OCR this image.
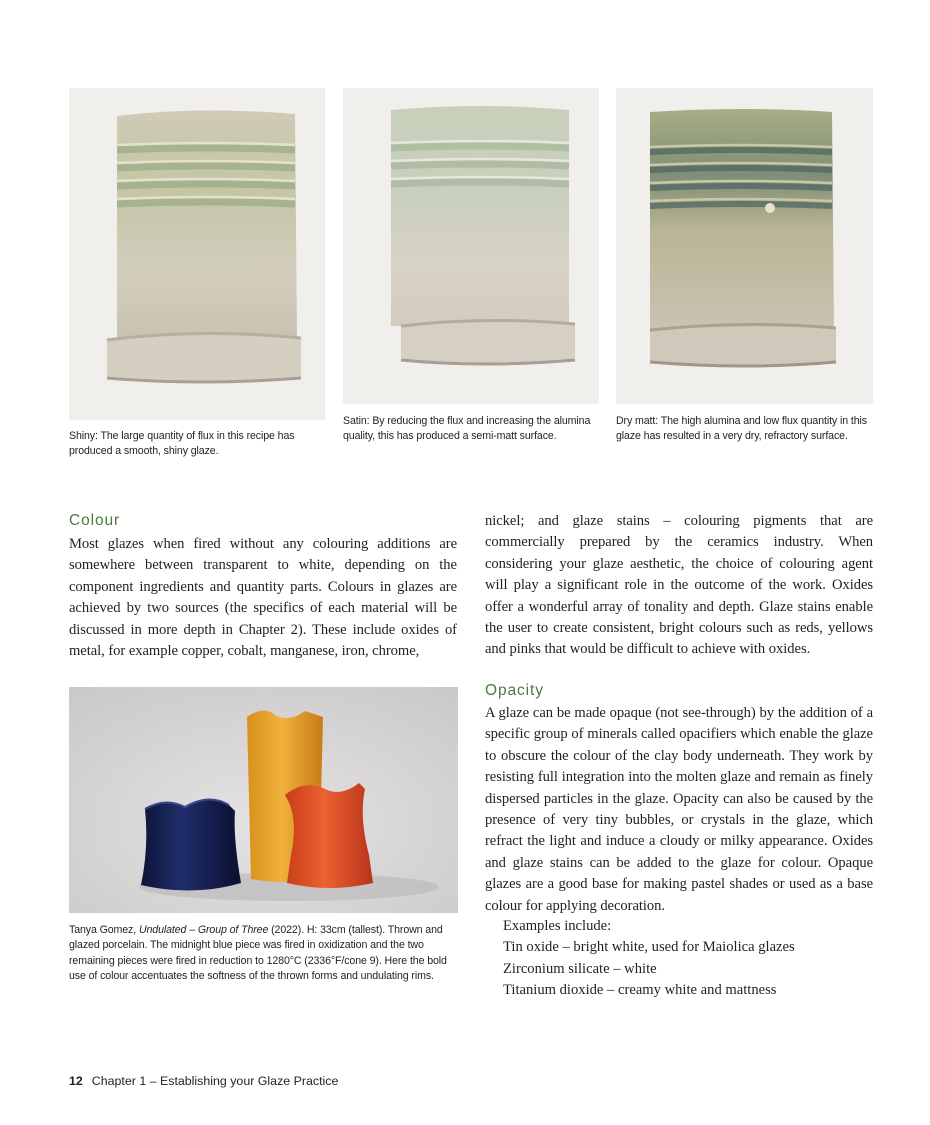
Shiny: The large quantity of flux in this recipe has produced a smooth, shiny glaze.
Satin: By reducing the flux and increasing the alumina quality, this has produced a semi-matt surface.
Dry matt: The high alumina and low flux quantity in this glaze has resulted in a very dry, refractory surface.
Colour

Most glazes when fired without any colouring additions are somewhere between transparent to white, depending on the component ingredients and quantity parts. Colours in glazes are achieved by two sources (the specifics of each material will be discussed in more depth in Chapter 2). These include oxides of metal, for example copper, cobalt, manganese, iron, chrome,

nickel; and glaze stains – colouring pigments that are commercially prepared by the ceramics industry. When considering your glaze aesthetic, the choice of colouring agent will play a significant role in the outcome of the work. Oxides offer a wonderful array of tonality and depth. Glaze stains enable the user to create consistent, bright colours such as reds, yellows and pinks that would be difficult to achieve with oxides.

Tanya Gomez, Undulated – Group of Three (2022). H: 33cm (tallest). Thrown and glazed porcelain. The midnight blue piece was fired in oxidization and the two remaining pieces were fired in reduction to 1280°C (2336°F/cone 9). Here the bold use of colour accentuates the softness of the thrown forms and undulating rims.
Opacity

A glaze can be made opaque (not see-through) by the addition of a specific group of minerals called opacifiers which enable the glaze to obscure the colour of the clay body underneath. They work by resisting full integration into the molten glaze and remain as finely dispersed particles in the glaze. Opacity can also be caused by the presence of very tiny bubbles, or crystals in the glaze, which refract the light and induce a cloudy or milky appearance. Oxides and glaze stains can be added to the glaze for colour. Opaque glazes are a good base for making pastel shades or used as a base colour for applying decoration.

Examples include:
Tin oxide – bright white, used for Maiolica glazes
Zirconium silicate – white
Titanium dioxide – creamy white and mattness
12 Chapter 1 – Establishing your Glaze Practice
